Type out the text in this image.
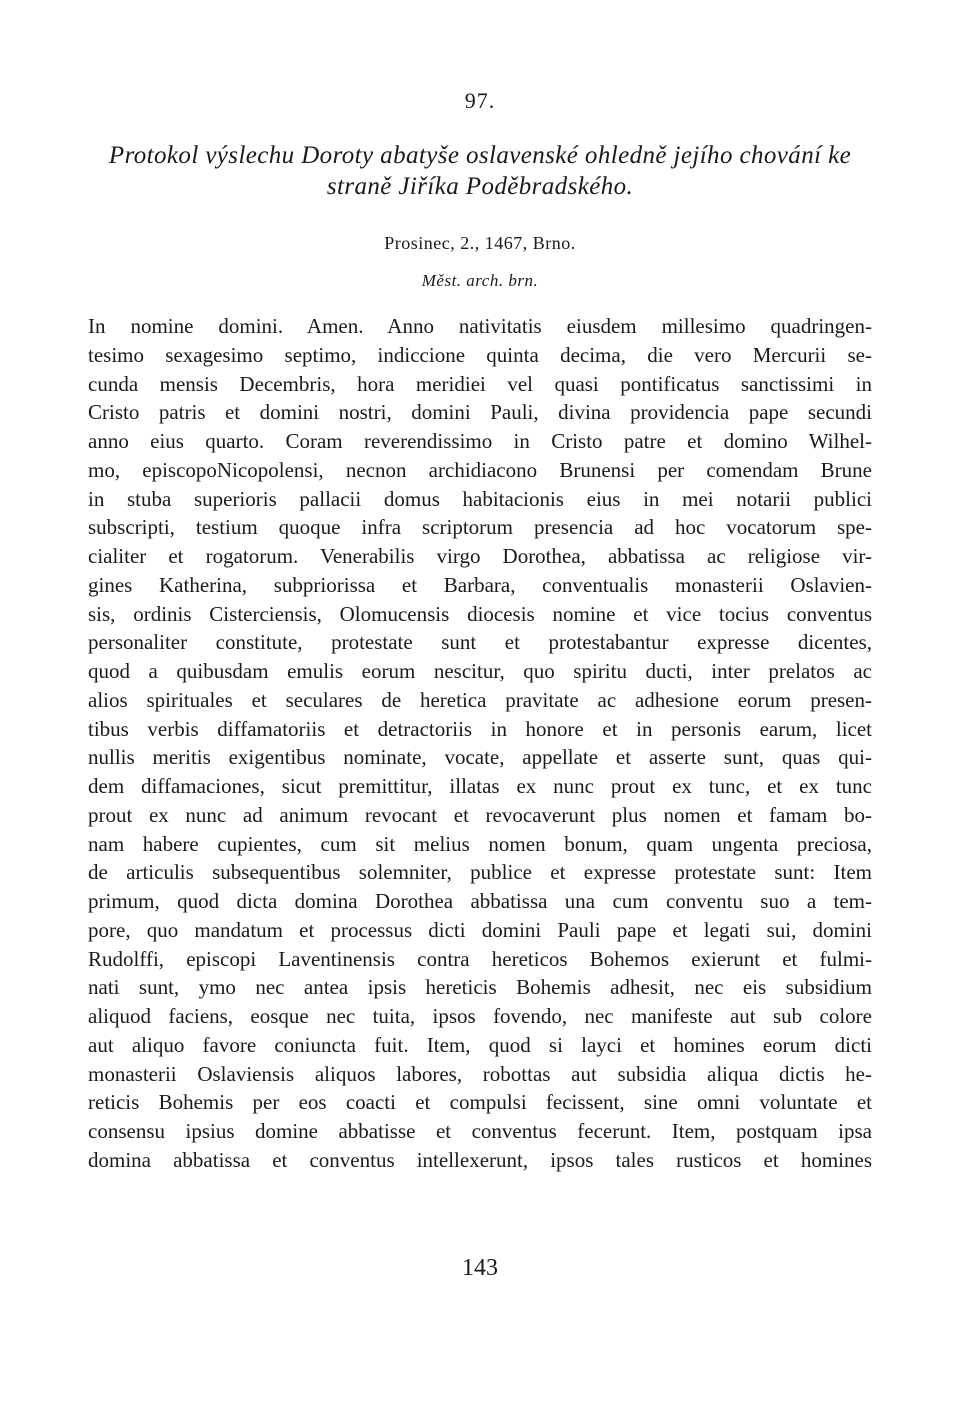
97.
Protokol výslechu Doroty abatyše oslavenské ohledně jejího chování ke straně Jiříka Poděbradského.
Prosinec, 2., 1467, Brno.
Měst. arch. brn.
In nomine domini. Amen. Anno nativitatis eiusdem millesimo quadringen-
tesimo sexagesimo septimo, indiccione quinta decima, die vero Mercurii se-
cunda mensis Decembris, hora meridiei vel quasi pontificatus sanctissimi in
Cristo patris et domini nostri, domini Pauli, divina providencia pape secundi
anno eius quarto. Coram reverendissimo in Cristo patre et domino Wilhel-
mo, episcopoNicopolensi, necnon archidiacono Brunensi per comendam Brune
in stuba superioris pallacii domus habitacionis eius in mei notarii publici
subscripti, testium quoque infra scriptorum presencia ad hoc vocatorum spe-
cialiter et rogatorum. Venerabilis virgo Dorothea, abbatissa ac religiose vir-
gines Katherina, subpriorissa et Barbara, conventualis monasterii Oslavien-
sis, ordinis Cisterciensis, Olomucensis diocesis nomine et vice tocius conventus
personaliter constitute, protestate sunt et protestabantur expresse dicentes,
quod a quibusdam emulis eorum nescitur, quo spiritu ducti, inter prelatos ac
alios spirituales et seculares de heretica pravitate ac adhesione eorum presen-
tibus verbis diffamatoriis et detractoriis in honore et in personis earum, licet
nullis meritis exigentibus nominate, vocate, appellate et asserte sunt, quas qui-
dem diffamaciones, sicut premittitur, illatas ex nunc prout ex tunc, et ex tunc
prout ex nunc ad animum revocant et revocaverunt plus nomen et famam bo-
nam habere cupientes, cum sit melius nomen bonum, quam ungenta preciosa,
de articulis subsequentibus solemniter, publice et expresse protestate sunt: Item
primum, quod dicta domina Dorothea abbatissa una cum conventu suo a tem-
pore, quo mandatum et processus dicti domini Pauli pape et legati sui, domini
Rudolffi, episcopi Laventinensis contra hereticos Bohemos exierunt et fulmi-
nati sunt, ymo nec antea ipsis hereticis Bohemis adhesit, nec eis subsidium
aliquod faciens, eosque nec tuita, ipsos fovendo, nec manifeste aut sub colore
aut aliquo favore coniuncta fuit. Item, quod si layci et homines eorum dicti
monasterii Oslaviensis aliquos labores, robottas aut subsidia aliqua dictis he-
reticis Bohemis per eos coacti et compulsi fecissent, sine omni voluntate et
consensu ipsius domine abbatisse et conventus fecerunt. Item, postquam ipsa
domina abbatissa et conventus intellexerunt, ipsos tales rusticos et homines
143
